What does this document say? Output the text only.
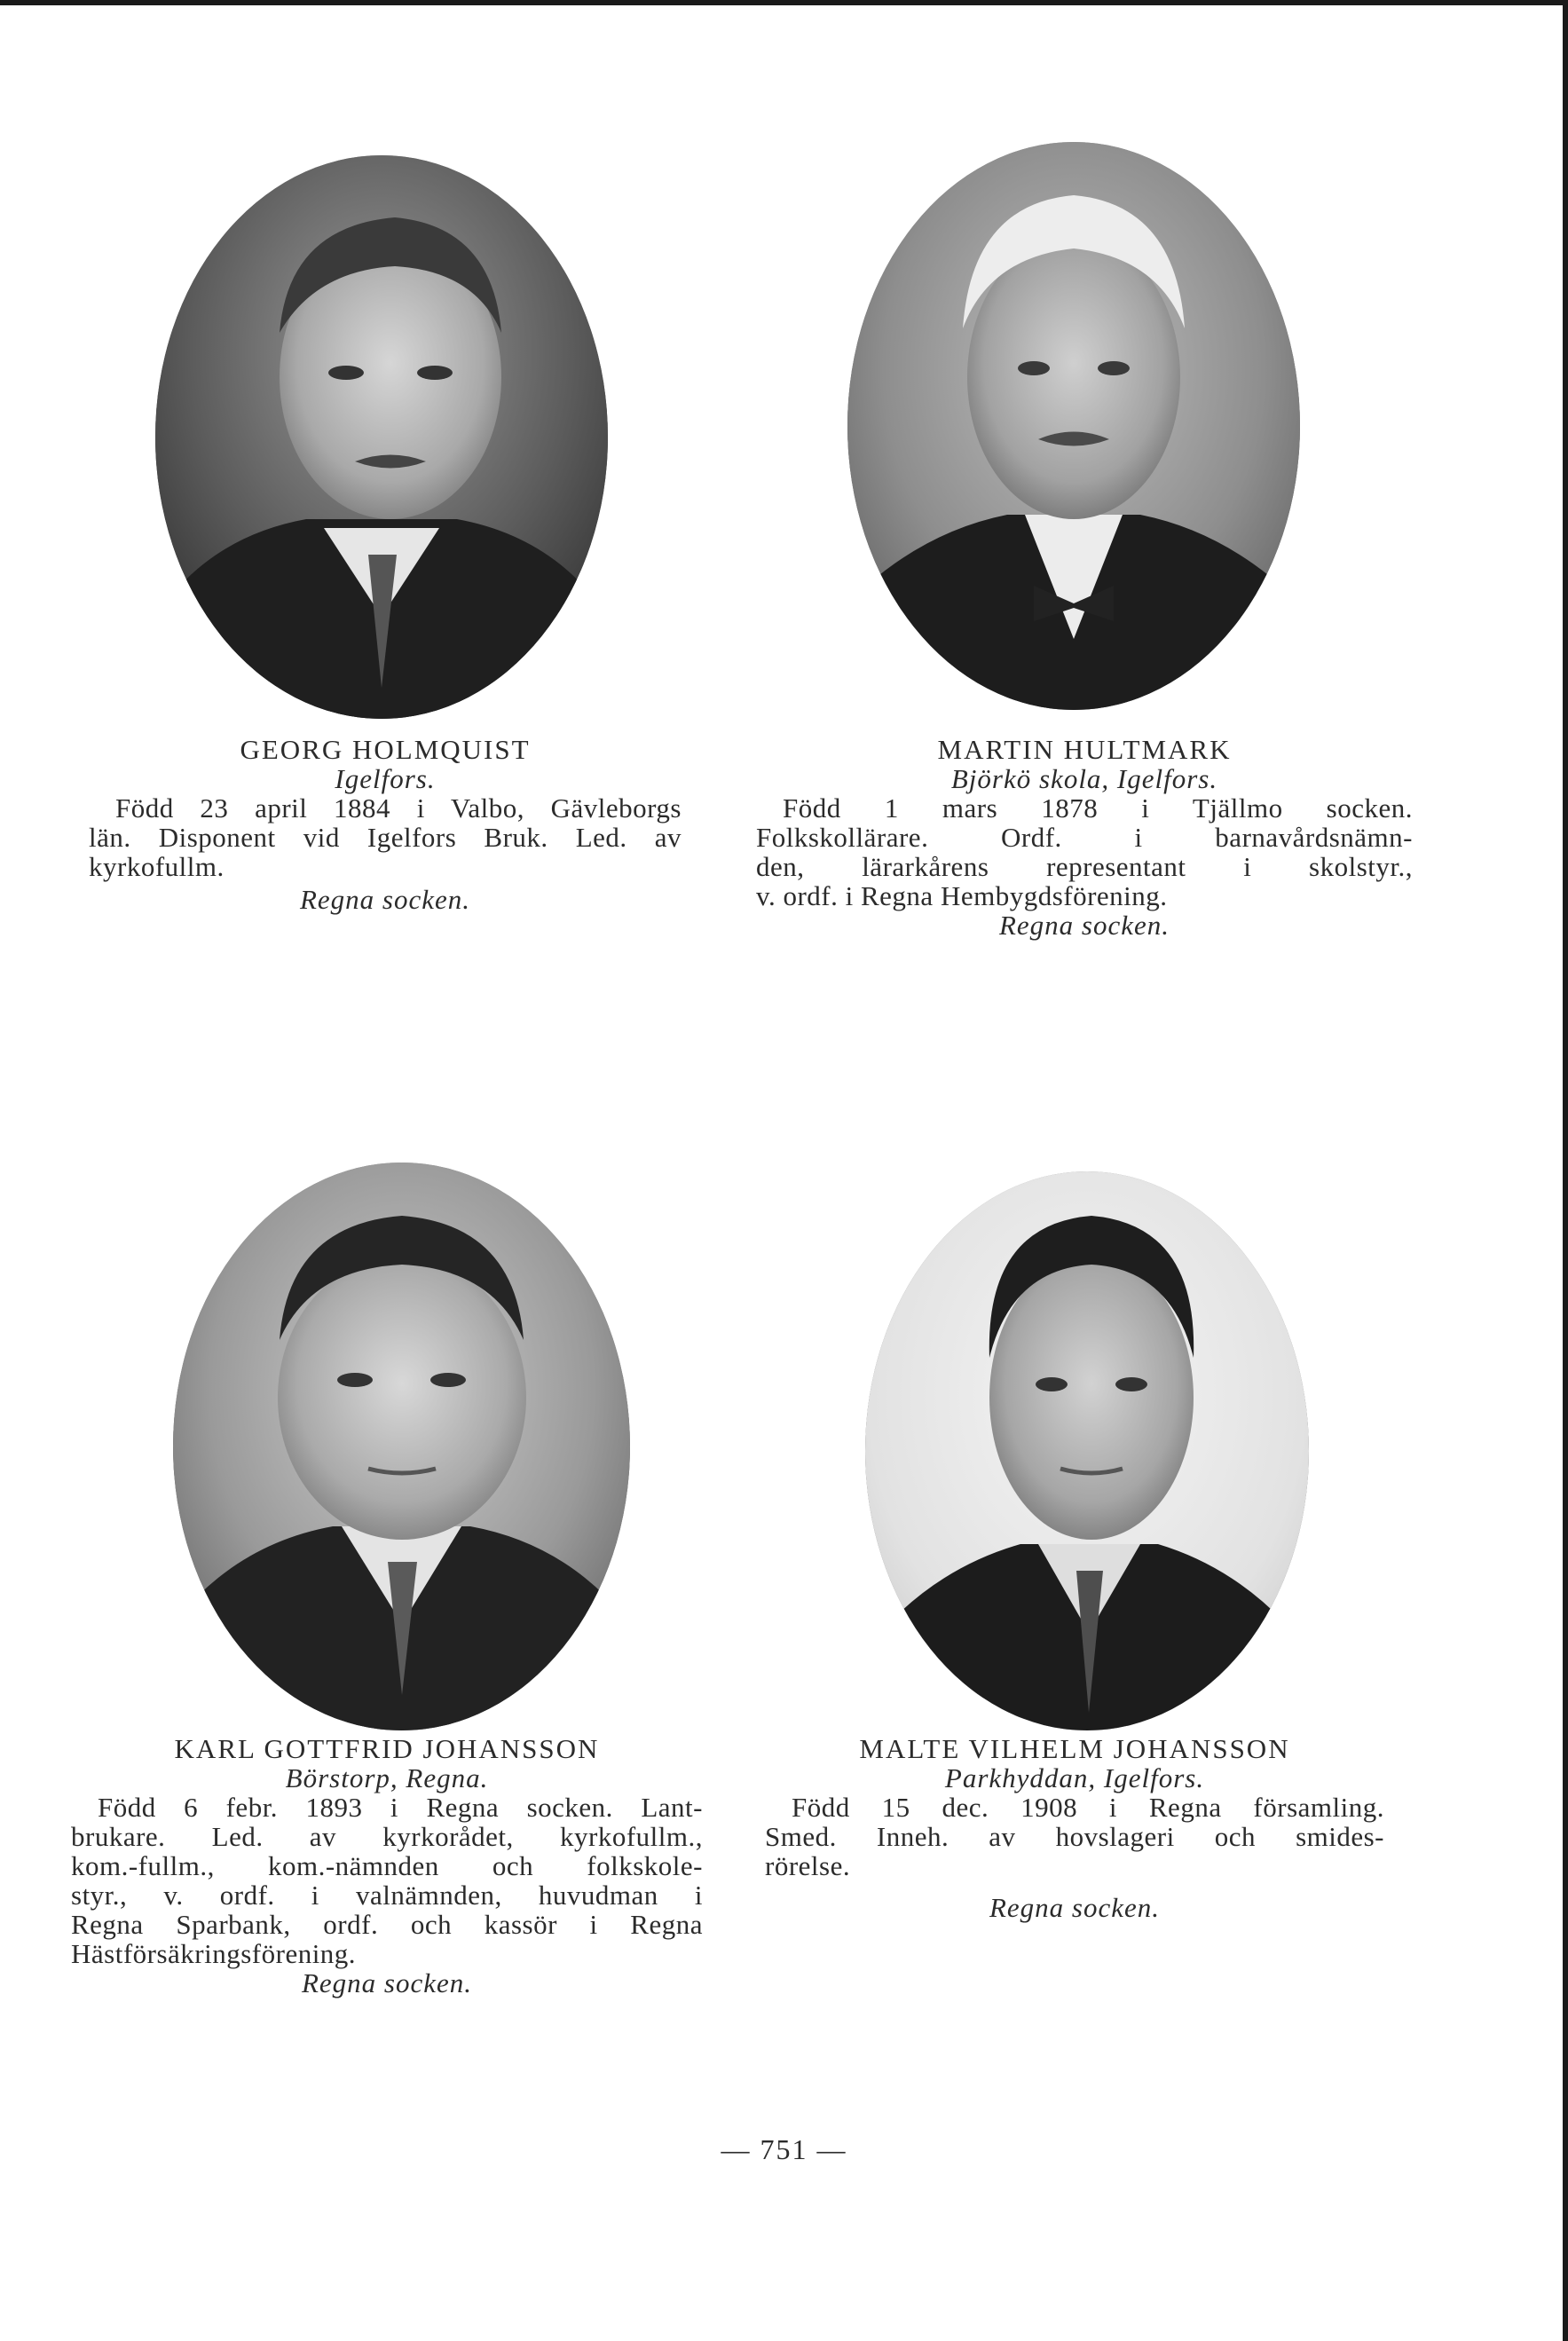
GEORG HOLMQUIST
Igelfors.
Född 23 april 1884 i Valbo, Gävleborgs
län. Disponent vid Igelfors Bruk. Led. av
kyrkofullm.
Regna socken.
MARTIN HULTMARK
Björkö skola, Igelfors.
Född 1 mars 1878 i Tjällmo socken.
Folkskollärare. Ordf. i barnavårdsnämn-
den, lärarkårens representant i skolstyr.,
v. ordf. i Regna Hembygdsförening.
Regna socken.
KARL GOTTFRID JOHANSSON
Börstorp, Regna.
Född 6 febr. 1893 i Regna socken. Lant-
brukare. Led. av kyrkorådet, kyrkofullm.,
kom.-fullm., kom.-nämnden och folkskole-
styr., v. ordf. i valnämnden, huvudman i
Regna Sparbank, ordf. och kassör i Regna
Hästförsäkringsförening.
Regna socken.
MALTE VILHELM JOHANSSON
Parkhyddan, Igelfors.
Född 15 dec. 1908 i Regna församling.
Smed. Inneh. av hovslageri och smides-
rörelse.
Regna socken.
— 751 —
